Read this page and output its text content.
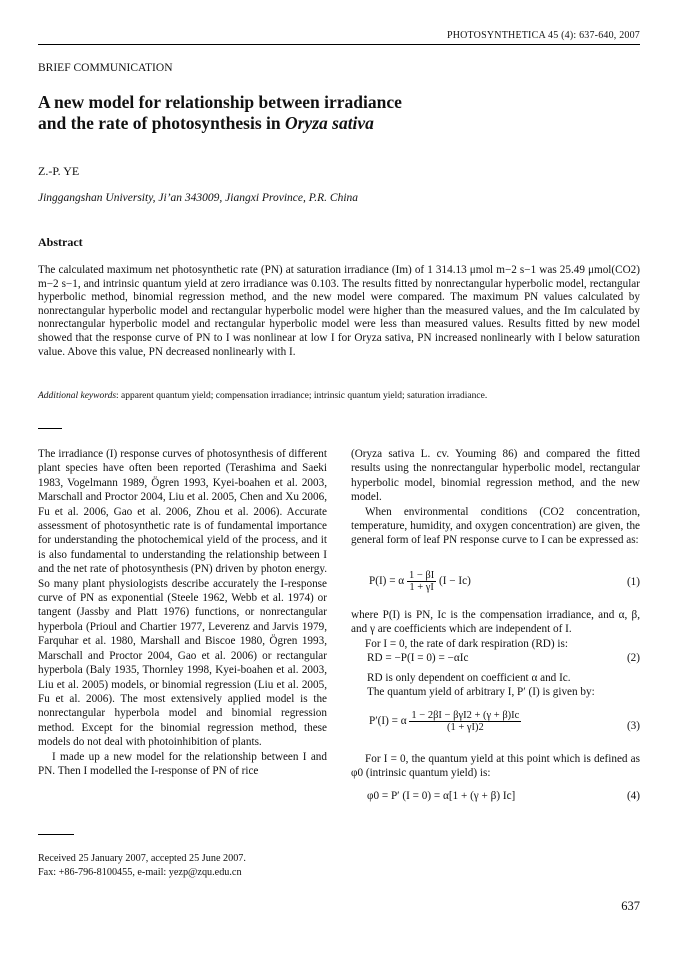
PHOTOSYNTHETICA 45 (4): 637-640, 2007
BRIEF COMMUNICATION
A new model for relationship between irradiance
and the rate of photosynthesis in Oryza sativa
Z.-P. YE
Jinggangshan University, Ji’an 343009, Jiangxi Province, P.R. China
Abstract
The calculated maximum net photosynthetic rate (PN) at saturation irradiance (Im) of 1 314.13 μmol m−2 s−1 was 25.49 μmol(CO2) m−2 s−1, and intrinsic quantum yield at zero irradiance was 0.103. The results fitted by nonrectangular hyperbolic model, rectangular hyperbolic method, binomial regression method, and the new model were compared. The maximum PN values calculated by nonrectangular hyperbolic model and rectangular hyperbolic model were higher than the measured values, and the Im calculated by nonrectangular hyperbolic model and rectangular hyperbolic model were less than measured values. Results fitted by new model showed that the response curve of PN to I was nonlinear at low I for Oryza sativa, PN increased nonlinearly with I below saturation value. Above this value, PN decreased nonlinearly with I.
Additional keywords: apparent quantum yield; compensation irradiance; intrinsic quantum yield; saturation irradiance.

The irradiance (I) response curves of photosynthesis of different plant species have often been reported (Terashima and Saeki 1983, Vogelmann 1989, Ögren 1993, Kyei-boahen et al. 2003, Marschall and Proctor 2004, Liu et al. 2005, Chen and Xu 2006, Fu et al. 2006, Gao et al. 2006, Zhou et al. 2006). Accurate assessment of photosynthetic rate is of fundamental importance for understanding the photochemical yield of the process, and it is also fundamental to understanding the relationship between I and the net rate of photosynthesis (PN) driven by photon energy. So many plant physiologists describe accurately the I-response curve of PN as exponential (Steele 1962, Webb et al. 1974) or tangent (Jassby and Platt 1976) functions, or nonrectangular hyperbola (Prioul and Chartier 1977, Leverenz and Jarvis 1979, Farquhar et al. 1980, Marshall and Biscoe 1980, Ögren 1993, Marschall and Proctor 2004, Gao et al. 2006) or rectangular hyperbola (Baly 1935, Thornley 1998, Kyei-boahen et al. 2003, Liu et al. 2005) models, or binomial regression (Liu et al. 2005, Fu et al. 2006). The most extensively applied model is the nonrectangular hyperbola model and binomial regression method. Except for the binomial regression method, these models do not deal with photoinhibition of plants.

I made up a new model for the relationship between I and PN. Then I modelled the I-response of PN of rice

(Oryza sativa L. cv. Youming 86) and compared the fitted results using the nonrectangular hyperbolic model, rectangular hyperbolic model, binomial regression method, and the new model.

When environmental conditions (CO2 concentration, temperature, humidity, and oxygen concentration) are given, the general form of leaf PN response curve to I can be expressed as:

P(I) = α $\frac{1 - \beta I}{1 + \gamma I} (I - Ic)$	(1)

where P(I) is PN, Ic is the compensation irradiance, and α, β, and γ are coefficients which are independent of I.

For I = 0, the rate of dark respiration (RD) is:

RD = −P(I = 0) = −αIc	(2)

RD is only dependent on coefficient α and Ic.

The quantum yield of arbitrary I, P′ (I) is given by:

P′(I) = α $\frac{\text{1 − 2βI − βγI2 + (γ + β)Ic}}{(1 + \gamma I)2}$	(3)

For I = 0, the quantum yield at this point which is defined as φ0 (intrinsic quantum yield) is:

φ0 = P′ (I = 0) = α[1 + (γ + β) Ic]	(4)
Received 25 January 2007, accepted 25 June 2007.
Fax: +86-796-8100455, e-mail: yezp@zqu.edu.cn
637
